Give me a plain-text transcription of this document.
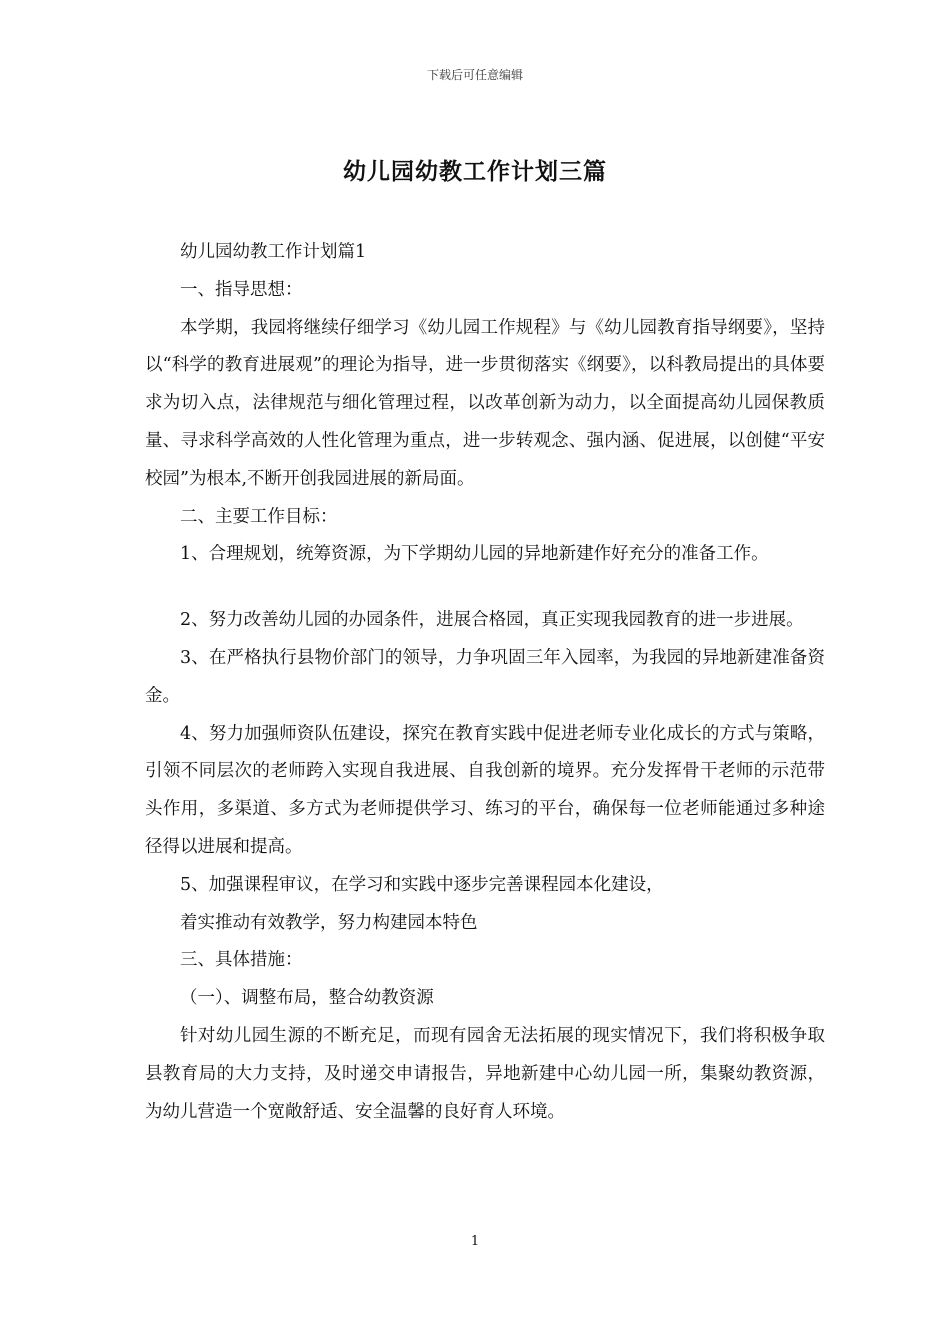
下载后可任意编辑
幼儿园幼教工作计划三篇

幼儿园幼教工作计划篇1

一、指导思想：

本学期，我园将继续仔细学习《幼儿园工作规程》与《幼儿园教育指导纲要》，坚持以“科学的教育进展观”的理论为指导，进一步贯彻落实《纲要》，以科教局提出的具体要求为切入点，法律规范与细化管理过程，以改革创新为动力，以全面提高幼儿园保教质量、寻求科学高效的人性化管理为重点，进一步转观念、强内涵、促进展，以创健“平安校园”为根本,不断开创我园进展的新局面。

二、主要工作目标：

1、合理规划，统筹资源，为下学期幼儿园的异地新建作好充分的准备工作。

2、努力改善幼儿园的办园条件，进展合格园，真正实现我园教育的进一步进展。

3、在严格执行县物价部门的领导，力争巩固三年入园率，为我园的异地新建准备资金。

4、努力加强师资队伍建设，探究在教育实践中促进老师专业化成长的方式与策略，引领不同层次的老师跨入实现自我进展、自我创新的境界。充分发挥骨干老师的示范带头作用，多渠道、多方式为老师提供学习、练习的平台，确保每一位老师能通过多种途径得以进展和提高。

5、加强课程审议，在学习和实践中逐步完善课程园本化建设，

着实推动有效教学，努力构建园本特色

三、具体措施：

（一）、调整布局，整合幼教资源

针对幼儿园生源的不断充足，而现有园舍无法拓展的现实情况下，我们将积极争取县教育局的大力支持，及时递交申请报告，异地新建中心幼儿园一所，集聚幼教资源，为幼儿营造一个宽敞舒适、安全温馨的良好育人环境。

1
